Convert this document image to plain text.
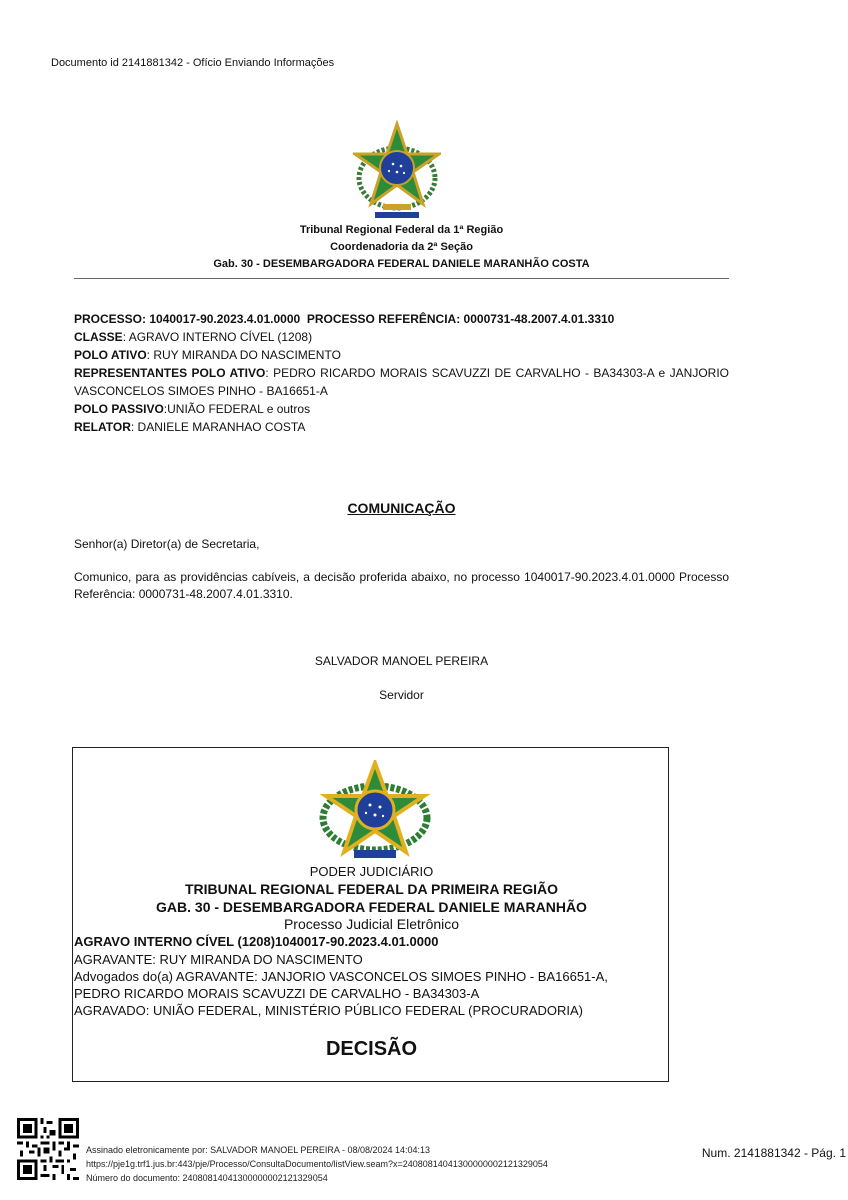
Documento id 2141881342 - Ofício Enviando Informações
Tribunal Regional Federal da 1ª Região
Coordenadoria da 2ª Seção
Gab. 30 - DESEMBARGADORA FEDERAL DANIELE MARANHÃO COSTA
PROCESSO: 1040017-90.2023.4.01.0000 PROCESSO REFERÊNCIA: 0000731-48.2007.4.01.3310
CLASSE: AGRAVO INTERNO CÍVEL (1208)
POLO ATIVO: RUY MIRANDA DO NASCIMENTO
REPRESENTANTES POLO ATIVO: PEDRO RICARDO MORAIS SCAVUZZI DE CARVALHO - BA34303-A e JANJORIO VASCONCELOS SIMOES PINHO - BA16651-A
POLO PASSIVO:UNIÃO FEDERAL e outros
RELATOR: DANIELE MARANHAO COSTA
COMUNICAÇÃO
Senhor(a) Diretor(a) de Secretaria,
Comunico, para as providências cabíveis, a decisão proferida abaixo, no processo 1040017-90.2023.4.01.0000 Processo Referência: 0000731-48.2007.4.01.3310.
SALVADOR MANOEL PEREIRA
Servidor
PODER JUDICIÁRIO
TRIBUNAL REGIONAL FEDERAL DA PRIMEIRA REGIÃO
GAB. 30 - DESEMBARGADORA FEDERAL DANIELE MARANHÃO
Processo Judicial Eletrônico
AGRAVO INTERNO CÍVEL (1208)1040017-90.2023.4.01.0000
AGRAVANTE: RUY MIRANDA DO NASCIMENTO
Advogados do(a) AGRAVANTE: JANJORIO VASCONCELOS SIMOES PINHO - BA16651-A,
PEDRO RICARDO MORAIS SCAVUZZI DE CARVALHO - BA34303-A
AGRAVADO: UNIÃO FEDERAL, MINISTÉRIO PÚBLICO FEDERAL (PROCURADORIA)
DECISÃO
Assinado eletronicamente por: SALVADOR MANOEL PEREIRA - 08/08/2024 14:04:13
https://pje1g.trf1.jus.br:443/pje/Processo/ConsultaDocumento/listView.seam?x=24080814041300000002121329054
Número do documento: 24080814041300000002121329054
Num. 2141881342 - Pág. 1
